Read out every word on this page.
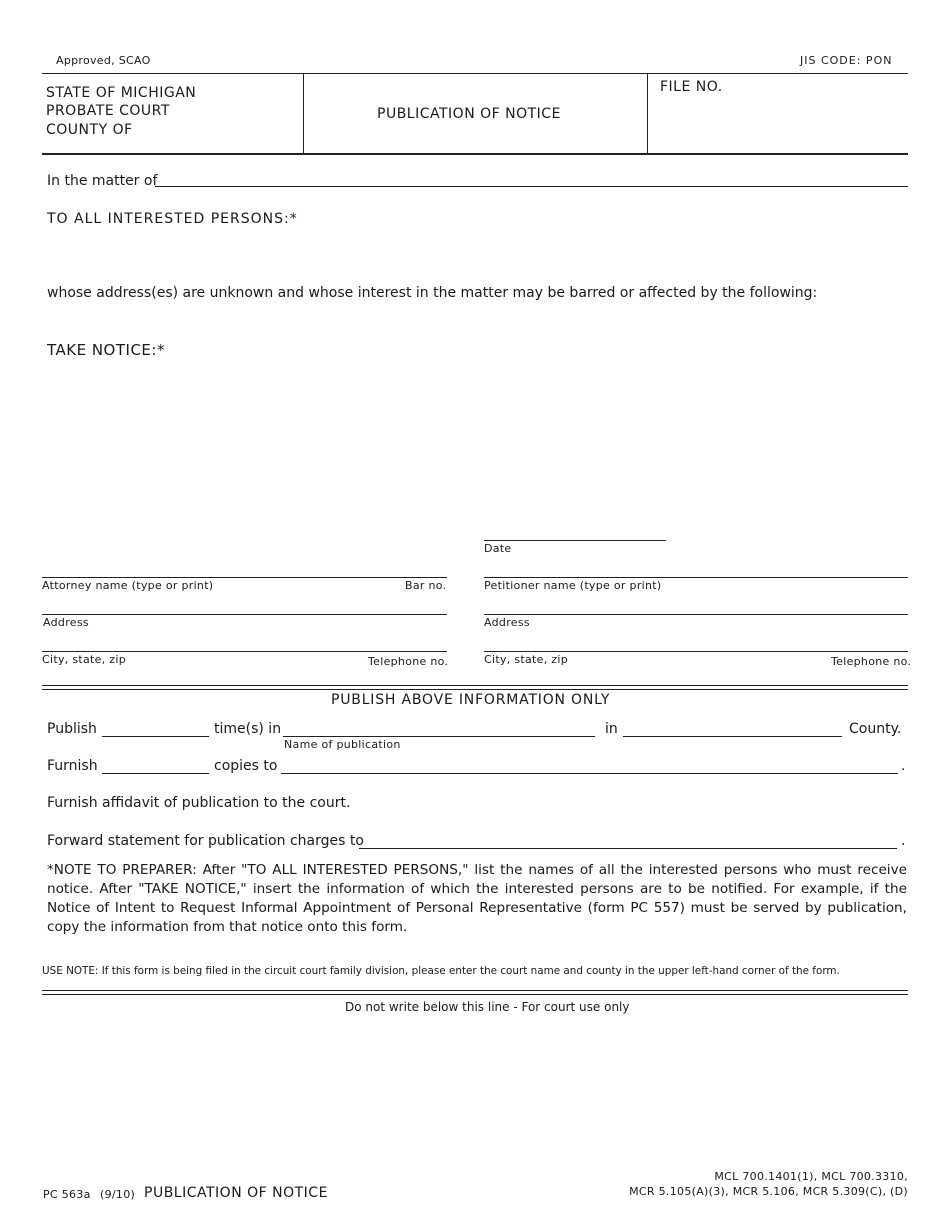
Approved, SCAO	JIS CODE: PON
STATE OF MICHIGAN
PROBATE COURT
COUNTY OF
PUBLICATION OF NOTICE
FILE NO.
In the matter of
TO ALL INTERESTED PERSONS:*
whose address(es) are unknown and whose interest in the matter may be barred or affected by the following:
TAKE NOTICE:*
Date
Attorney name (type or print)	Bar no.	Petitioner name (type or print)
Address	Address
City, state, zip	Telephone no.	City, state, zip	Telephone no.
PUBLISH ABOVE INFORMATION ONLY
Publish	time(s) in
Name of publication
in	County.
Furnish	copies to	.
Furnish affidavit of publication to the court.
Forward statement for publication charges to	.
*NOTE TO PREPARER: After "TO ALL INTERESTED PERSONS," list the names of all the interested persons who must receive notice. After "TAKE NOTICE," insert the information of which the interested persons are to be notified. For example, if the Notice of Intent to Request Informal Appointment of Personal Representative (form PC 557) must be served by publication, copy the information from that notice onto this form.
USE NOTE: If this form is being filed in the circuit court family division, please enter the court name and county in the upper left-hand corner of the form.
Do not write below this line - For court use only
PC 563a (9/10) PUBLICATION OF NOTICE
MCL 700.1401(1), MCL 700.3310,
MCR 5.105(A)(3), MCR 5.106, MCR 5.309(C), (D)
